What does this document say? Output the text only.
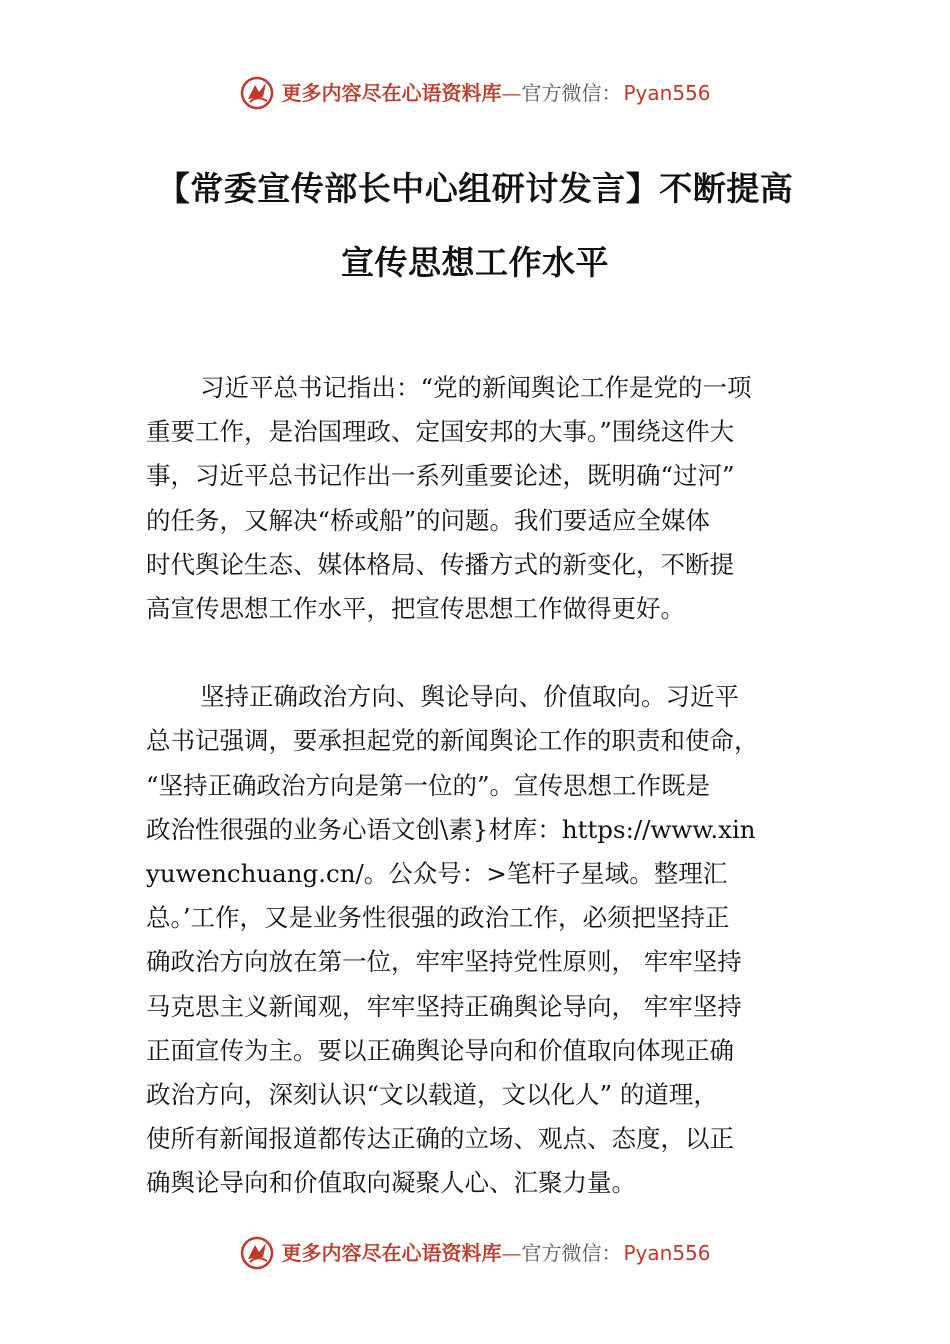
更多内容尽在心语资料库 — 官方微信： Pyan556
【常委宣传部长中心组研讨发言】不断提高
宣传思想工作水平
习近平总书记指出：“党的新闻舆论工作是党的一项
重要工作，是治国理政、定国安邦的大事。”围绕这件大
事，习近平总书记作出一系列重要论述，既明确“过河”
的任务，又解决“桥或船”的问题。我们要适应全媒体
时代舆论生态、媒体格局、传播方式的新变化，不断提
高宣传思想工作水平，把宣传思想工作做得更好。
坚持正确政治方向、舆论导向、价值取向。习近平
总书记强调，要承担起党的新闻舆论工作的职责和使命，
“坚持正确政治方向是第一位的”。宣传思想工作既是
政治性很强的业务心语文创\素}材库：https://www.xin
yuwenchuang.cn/。公众号：>笔杆子星域。整理汇
总。’工作，又是业务性很强的政治工作，必须把坚持正
确政治方向放在第一位，牢牢坚持党性原则， 牢牢坚持
马克思主义新闻观，牢牢坚持正确舆论导向， 牢牢坚持
正面宣传为主。要以正确舆论导向和价值取向体现正确
政治方向，深刻认识“文以载道，文以化人” 的道理，
使所有新闻报道都传达正确的立场、观点、态度，以正
确舆论导向和价值取向凝聚人心、汇聚力量。
更多内容尽在心语资料库 — 官方微信： Pyan556
